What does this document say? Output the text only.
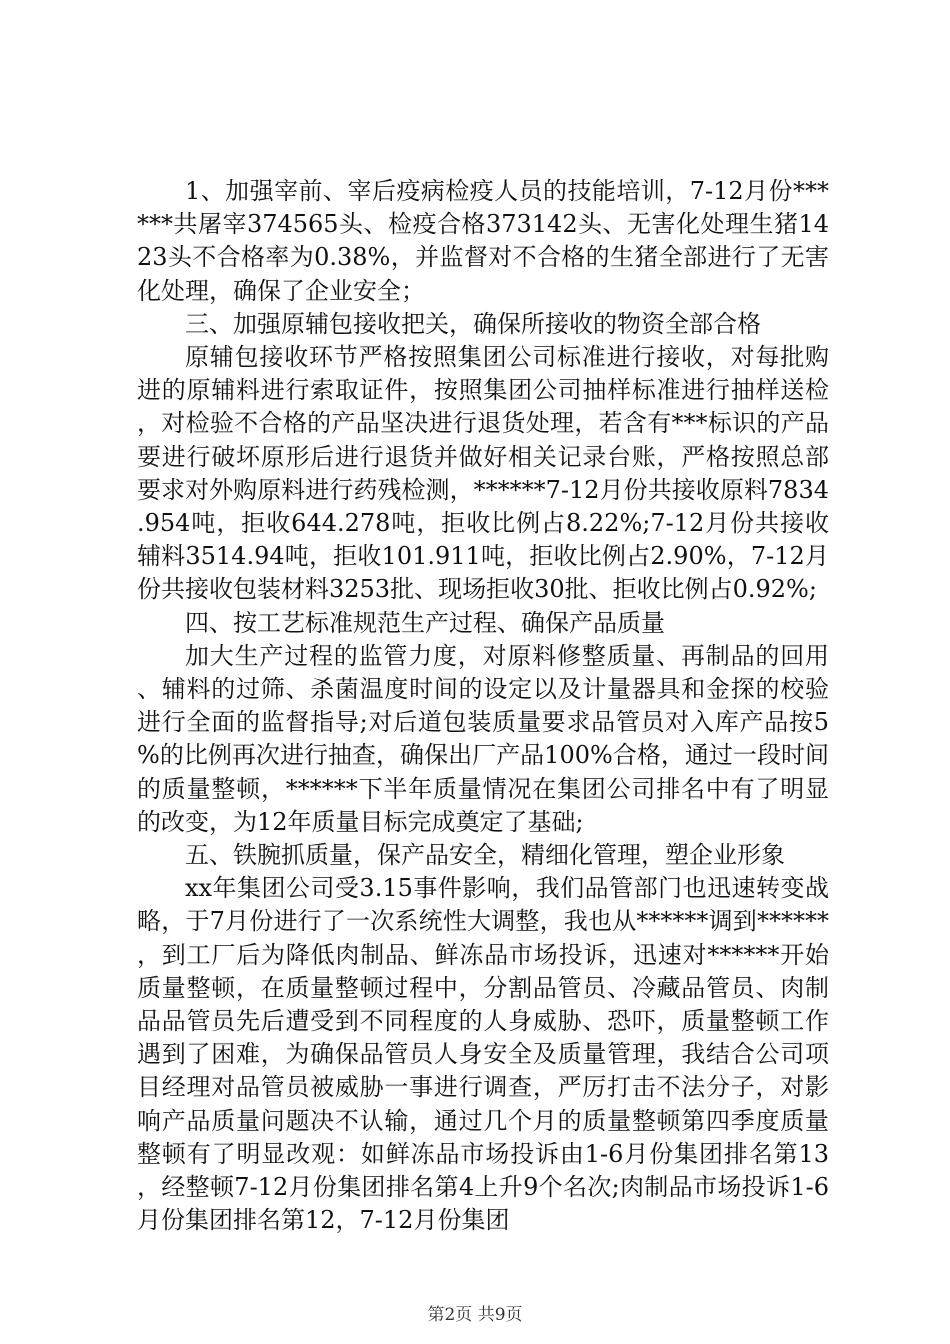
1、加强宰前、宰后疫病检疫人员的技能培训，7-12月份******共屠宰374565头、检疫合格373142头、无害化处理生猪1423头不合格率为0.38%，并监督对不合格的生猪全部进行了无害化处理，确保了企业安全；

三、加强原辅包接收把关，确保所接收的物资全部合格

原辅包接收环节严格按照集团公司标准进行接收，对每批购进的原辅料进行索取证件，按照集团公司抽样标准进行抽样送检，对检验不合格的产品坚决进行退货处理，若含有***标识的产品要进行破坏原形后进行退货并做好相关记录台账，严格按照总部要求对外购原料进行药残检测，******7-12月份共接收原料7834.954吨，拒收644.278吨，拒收比例占8.22%;7-12月份共接收辅料3514.94吨，拒收101.911吨，拒收比例占2.90%，7-12月份共接收包装材料3253批、现场拒收30批、拒收比例占0.92%;

四、按工艺标准规范生产过程、确保产品质量

加大生产过程的监管力度，对原料修整质量、再制品的回用、辅料的过筛、杀菌温度时间的设定以及计量器具和金探的校验进行全面的监督指导;对后道包装质量要求品管员对入库产品按5%的比例再次进行抽查，确保出厂产品100%合格，通过一段时间的质量整顿，******下半年质量情况在集团公司排名中有了明显的改变，为12年质量目标完成奠定了基础;

五、铁腕抓质量，保产品安全，精细化管理，塑企业形象

xx年集团公司受3.15事件影响，我们品管部门也迅速转变战略，于7月份进行了一次系统性大调整，我也从******调到******，到工厂后为降低肉制品、鲜冻品市场投诉，迅速对******开始质量整顿，在质量整顿过程中，分割品管员、冷藏品管员、肉制品品管员先后遭受到不同程度的人身威胁、恐吓，质量整顿工作遇到了困难，为确保品管员人身安全及质量管理，我结合公司项目经理对品管员被威胁一事进行调查，严厉打击不法分子，对影响产品质量问题决不认输，通过几个月的质量整顿第四季度质量整顿有了明显改观：如鲜冻品市场投诉由1-6月份集团排名第13，经整顿7-12月份集团排名第4上升9个名次;肉制品市场投诉1-6月份集团排名第12，7-12月份集团

第2页 共9页
